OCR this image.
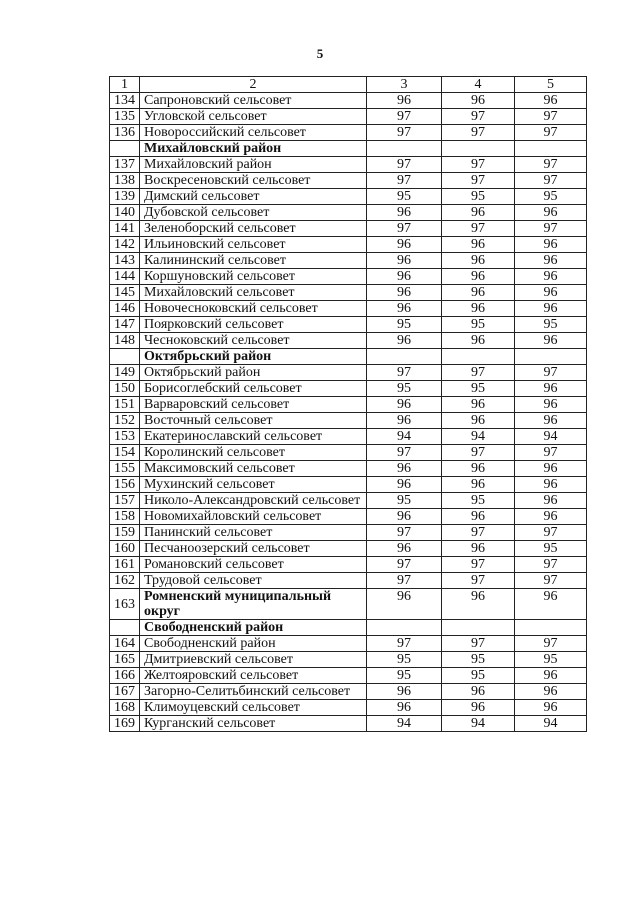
5
1	2	3	4	5
134	Сапроновский сельсовет	96	96	96
135	Угловской сельсовет	97	97	97
136	Новороссийский сельсовет	97	97	97
	Михайловский район			
137	Михайловский район	97	97	97
138	Воскресеновский сельсовет	97	97	97
139	Димский сельсовет	95	95	95
140	Дубовской сельсовет	96	96	96
141	Зеленоборский сельсовет	97	97	97
142	Ильиновский сельсовет	96	96	96
143	Калининский сельсовет	96	96	96
144	Коршуновский сельсовет	96	96	96
145	Михайловский сельсовет	96	96	96
146	Новочесноковский сельсовет	96	96	96
147	Поярковский сельсовет	95	95	95
148	Чесноковский сельсовет	96	96	96
	Октябрьский район			
149	Октябрьский район	97	97	97
150	Борисоглебский сельсовет	95	95	96
151	Варваровский сельсовет	96	96	96
152	Восточный сельсовет	96	96	96
153	Екатеринославский сельсовет	94	94	94
154	Королинский сельсовет	97	97	97
155	Максимовский сельсовет	96	96	96
156	Мухинский сельсовет	96	96	96
157	Николо-Александровский сельсовет	95	95	96
158	Новомихайловский сельсовет	96	96	96
159	Панинский сельсовет	97	97	97
160	Песчаноозерский сельсовет	96	96	95
161	Романовский сельсовет	97	97	97
162	Трудовой сельсовет	97	97	97
163	Ромненский муниципальный округ	96	96	96
	Свободненский район			
164	Свободненский район	97	97	97
165	Дмитриевский сельсовет	95	95	95
166	Желтояровский сельсовет	95	95	96
167	Загорно-Селитьбинский сельсовет	96	96	96
168	Климоуцевский сельсовет	96	96	96
169	Курганский сельсовет	94	94	94
